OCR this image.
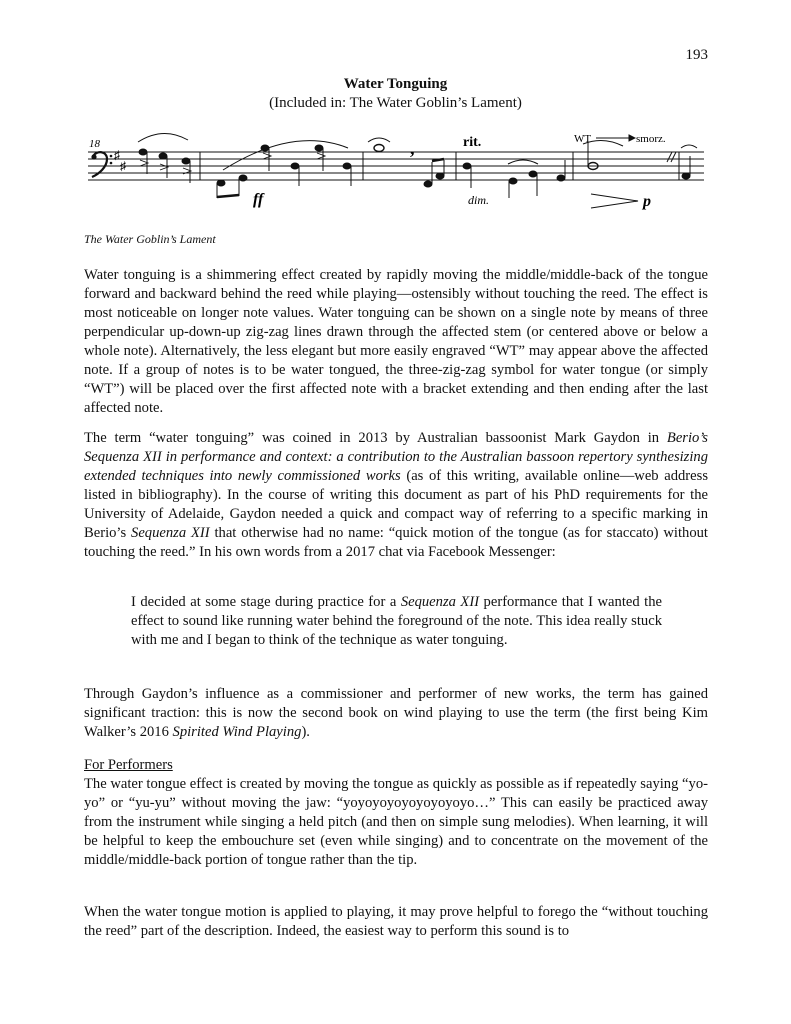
193
Water Tonguing
(Included in: The Water Goblin’s Lament)
18
♯
♯
ff
,	rit.
dim.
WT	smorz.
p
The Water Goblin’s Lament

Water tonguing is a shimmering effect created by rapidly moving the middle/middle-back of the tongue forward and backward behind the reed while playing—ostensibly without touching the reed. The effect is most noticeable on longer note values. Water tonguing can be shown on a single note by means of three perpendicular up-down-up zig-zag lines drawn through the affected stem (or centered above or below a whole note). Alternatively, the less elegant but more easily engraved “WT” may appear above the affected note. If a group of notes is to be water tongued, the three-zig-zag symbol for water tongue (or simply “WT”) will be placed over the first affected note with a bracket extending and then ending after the last affected note.

The term “water tonguing” was coined in 2013 by Australian bassoonist Mark Gaydon in Berio’s Sequenza XII in performance and context: a contribution to the Australian bassoon repertory synthesizing extended techniques into newly commissioned works (as of this writing, available online—web address listed in bibliography). In the course of writing this document as part of his PhD requirements for the University of Adelaide, Gaydon needed a quick and compact way of referring to a specific marking in Berio’s Sequenza XII that otherwise had no name: “quick motion of the tongue (as for staccato) without touching the reed.” In his own words from a 2017 chat via Facebook Messenger:

I decided at some stage during practice for a Sequenza XII performance that I wanted the effect to sound like running water behind the foreground of the note. This idea really stuck with me and I began to think of the technique as water tonguing.

Through Gaydon’s influence as a commissioner and performer of new works, the term has gained significant traction: this is now the second book on wind playing to use the term (the first being Kim Walker’s 2016 Spirited Wind Playing).

For Performers

The water tongue effect is created by moving the tongue as quickly as possible as if repeatedly saying “yo-yo” or “yu-yu” without moving the jaw: “yoyoyoyoyoyoyoyoyo…” This can easily be practiced away from the instrument while singing a held pitch (and then on simple sung melodies). When learning, it will be helpful to keep the embouchure set (even while singing) and to concentrate on the movement of the middle/middle-back portion of tongue rather than the tip.

When the water tongue motion is applied to playing, it may prove helpful to forego the “without touching the reed” part of the description. Indeed, the easiest way to perform this sound is to
